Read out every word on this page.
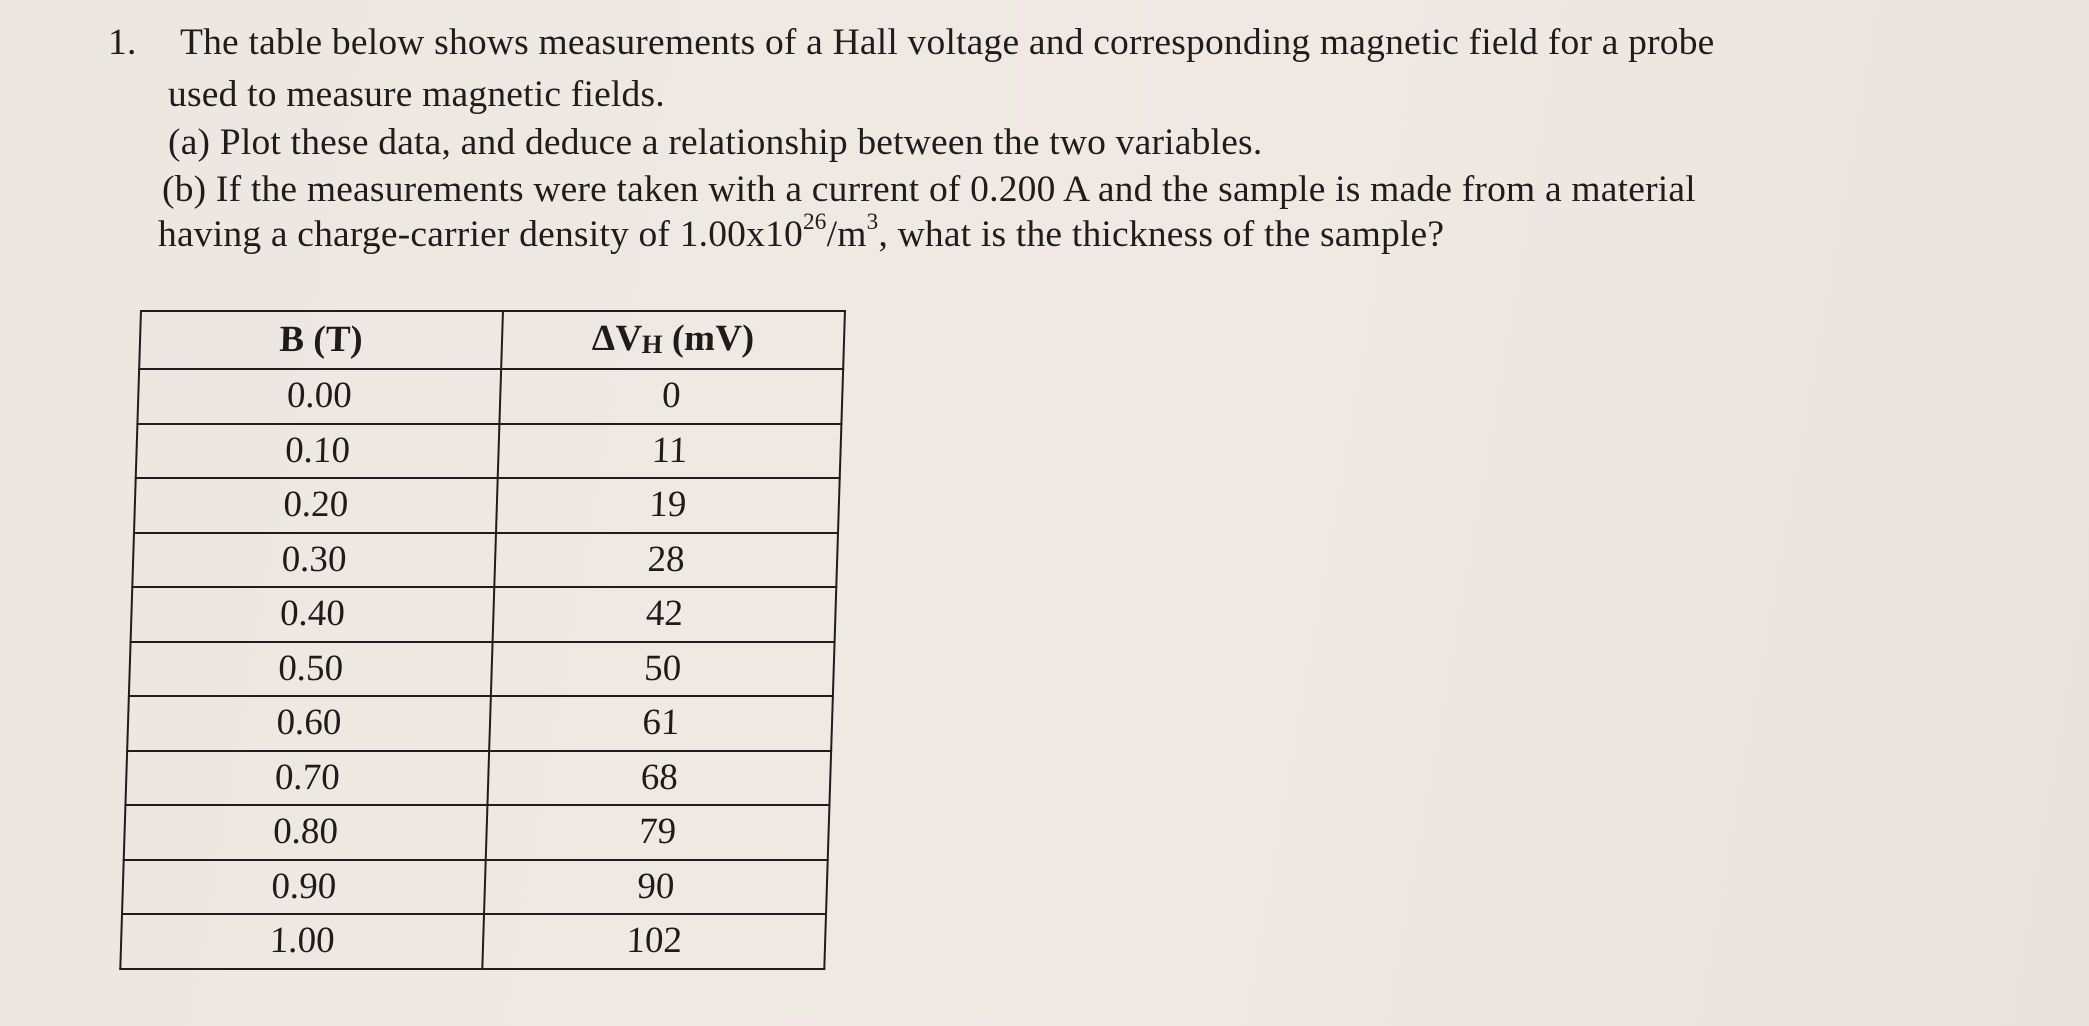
1. The table below shows measurements of a Hall voltage and corresponding magnetic field for a probe
used to measure magnetic fields.
(a) Plot these data, and deduce a relationship between the two variables.
(b) If the measurements were taken with a current of 0.200 A and the sample is made from a material
having a charge-carrier density of $1.00x10^{26}/m^3$, what is the thickness of the sample?
B (T)	ΔVH (mV)
0.00	0
0.10	11
0.20	19
0.30	28
0.40	42
0.50	50
0.60	61
0.70	68
0.80	79
0.90	90
1.00	102
